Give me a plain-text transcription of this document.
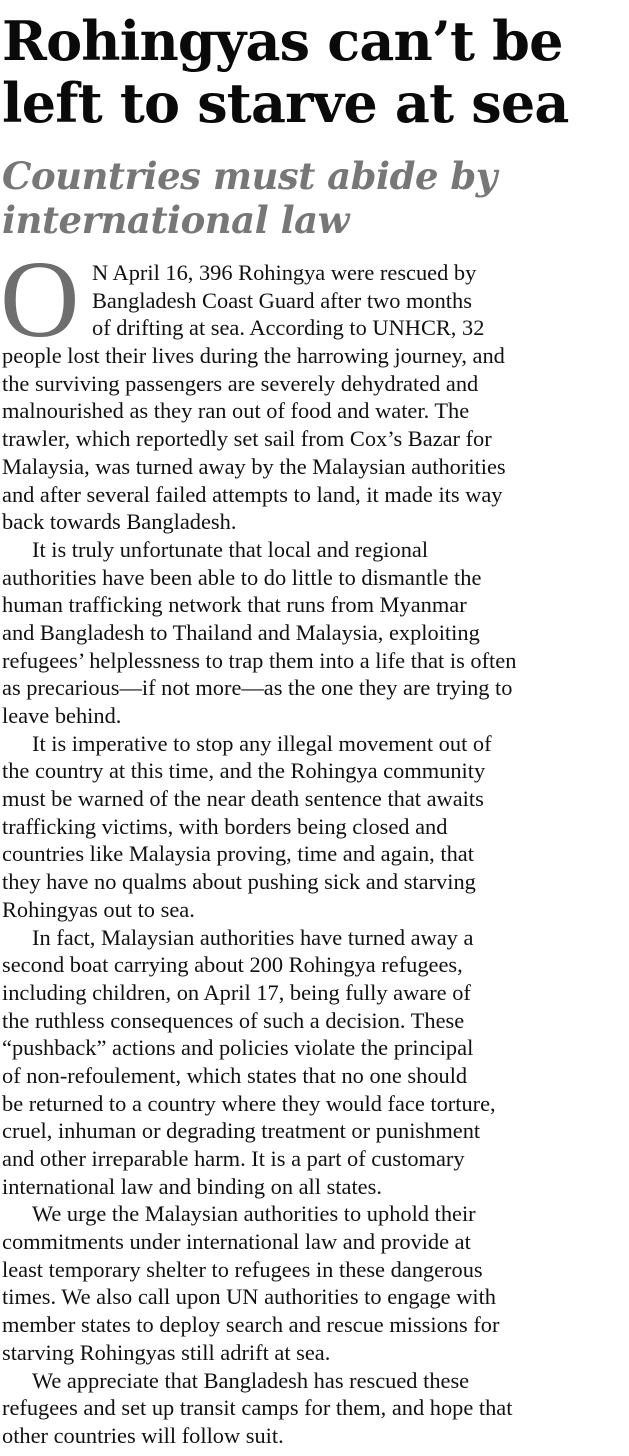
Rohingyas can’t be
left to starve at sea
Countries must abide by
international law
O N April 16, 396 Rohingya were rescued by
Bangladesh Coast Guard after two months
of drifting at sea. According to UNHCR, 32
people lost their lives during the harrowing journey, and
the surviving passengers are severely dehydrated and
malnourished as they ran out of food and water. The
trawler, which reportedly set sail from Cox’s Bazar for
Malaysia, was turned away by the Malaysian authorities
and after several failed attempts to land, it made its way
back towards Bangladesh.
It is truly unfortunate that local and regional
authorities have been able to do little to dismantle the
human trafficking network that runs from Myanmar
and Bangladesh to Thailand and Malaysia, exploiting
refugees’ helplessness to trap them into a life that is often
as precarious—if not more—as the one they are trying to
leave behind.
It is imperative to stop any illegal movement out of
the country at this time, and the Rohingya community
must be warned of the near death sentence that awaits
trafficking victims, with borders being closed and
countries like Malaysia proving, time and again, that
they have no qualms about pushing sick and starving
Rohingyas out to sea.
In fact, Malaysian authorities have turned away a
second boat carrying about 200 Rohingya refugees,
including children, on April 17, being fully aware of
the ruthless consequences of such a decision. These
“pushback” actions and policies violate the principal
of non-refoulement, which states that no one should
be returned to a country where they would face torture,
cruel, inhuman or degrading treatment or punishment
and other irreparable harm. It is a part of customary
international law and binding on all states.
We urge the Malaysian authorities to uphold their
commitments under international law and provide at
least temporary shelter to refugees in these dangerous
times. We also call upon UN authorities to engage with
member states to deploy search and rescue missions for
starving Rohingyas still adrift at sea.
We appreciate that Bangladesh has rescued these
refugees and set up transit camps for them, and hope that
other countries will follow suit.
